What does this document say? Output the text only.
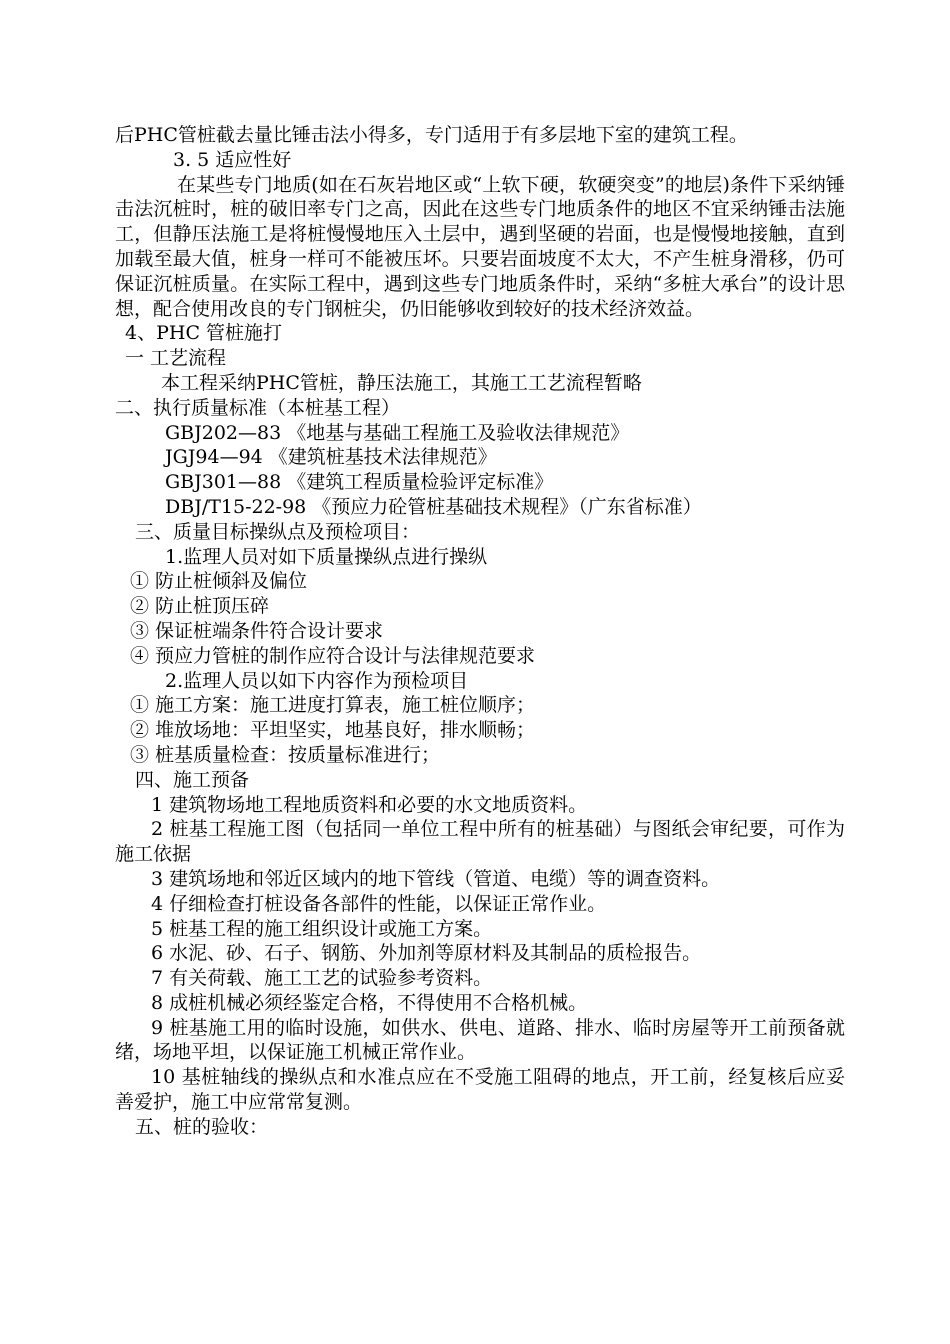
后PHC管桩截去量比锤击法小得多，专门适用于有多层地下室的建筑工程。
3. 5 适应性好
在某些专门地质(如在石灰岩地区或“上软下硬，软硬突变”的地层)条件下采纳锤击法沉桩时，桩的破旧率专门之高，因此在这些专门地质条件的地区不宜采纳锤击法施工，但静压法施工是将桩慢慢地压入土层中，遇到坚硬的岩面，也是慢慢地接触，直到加载至最大值，桩身一样可不能被压坏。只要岩面坡度不太大，不产生桩身滑移，仍可保证沉桩质量。在实际工程中，遇到这些专门地质条件时，采纳“多桩大承台”的设计思想，配合使用改良的专门钢桩尖，仍旧能够收到较好的技术经济效益。
4、PHC 管桩施打
一 工艺流程
本工程采纳PHC管桩，静压法施工，其施工工艺流程暂略
二、执行质量标准（本桩基工程）
GBJ202—83 《地基与基础工程施工及验收法律规范》
JGJ94—94 《建筑桩基技术法律规范》
GBJ301—88 《建筑工程质量检验评定标准》
DBJ/T15-22-98 《预应力砼管桩基础技术规程》（广东省标准）
三、质量目标操纵点及预检项目：
1.监理人员对如下质量操纵点进行操纵
① 防止桩倾斜及偏位
② 防止桩顶压碎
③ 保证桩端条件符合设计要求
④ 预应力管桩的制作应符合设计与法律规范要求
2.监理人员以如下内容作为预检项目
① 施工方案：施工进度打算表，施工桩位顺序；
② 堆放场地：平坦坚实，地基良好，排水顺畅；
③ 桩基质量检查：按质量标准进行；
四、施工预备
1 建筑物场地工程地质资料和必要的水文地质资料。
2 桩基工程施工图（包括同一单位工程中所有的桩基础）与图纸会审纪要，可作为施工依据
3 建筑场地和邻近区域内的地下管线（管道、电缆）等的调查资料。
4 仔细检查打桩设备各部件的性能，以保证正常作业。
5 桩基工程的施工组织设计或施工方案。
6 水泥、砂、石子、钢筋、外加剂等原材料及其制品的质检报告。
7 有关荷载、施工工艺的试验参考资料。
8 成桩机械必须经鉴定合格，不得使用不合格机械。
9 桩基施工用的临时设施，如供水、供电、道路、排水、临时房屋等开工前预备就绪，场地平坦，以保证施工机械正常作业。
10 基桩轴线的操纵点和水准点应在不受施工阻碍的地点，开工前，经复核后应妥善爱护，施工中应常常复测。
五、桩的验收：
